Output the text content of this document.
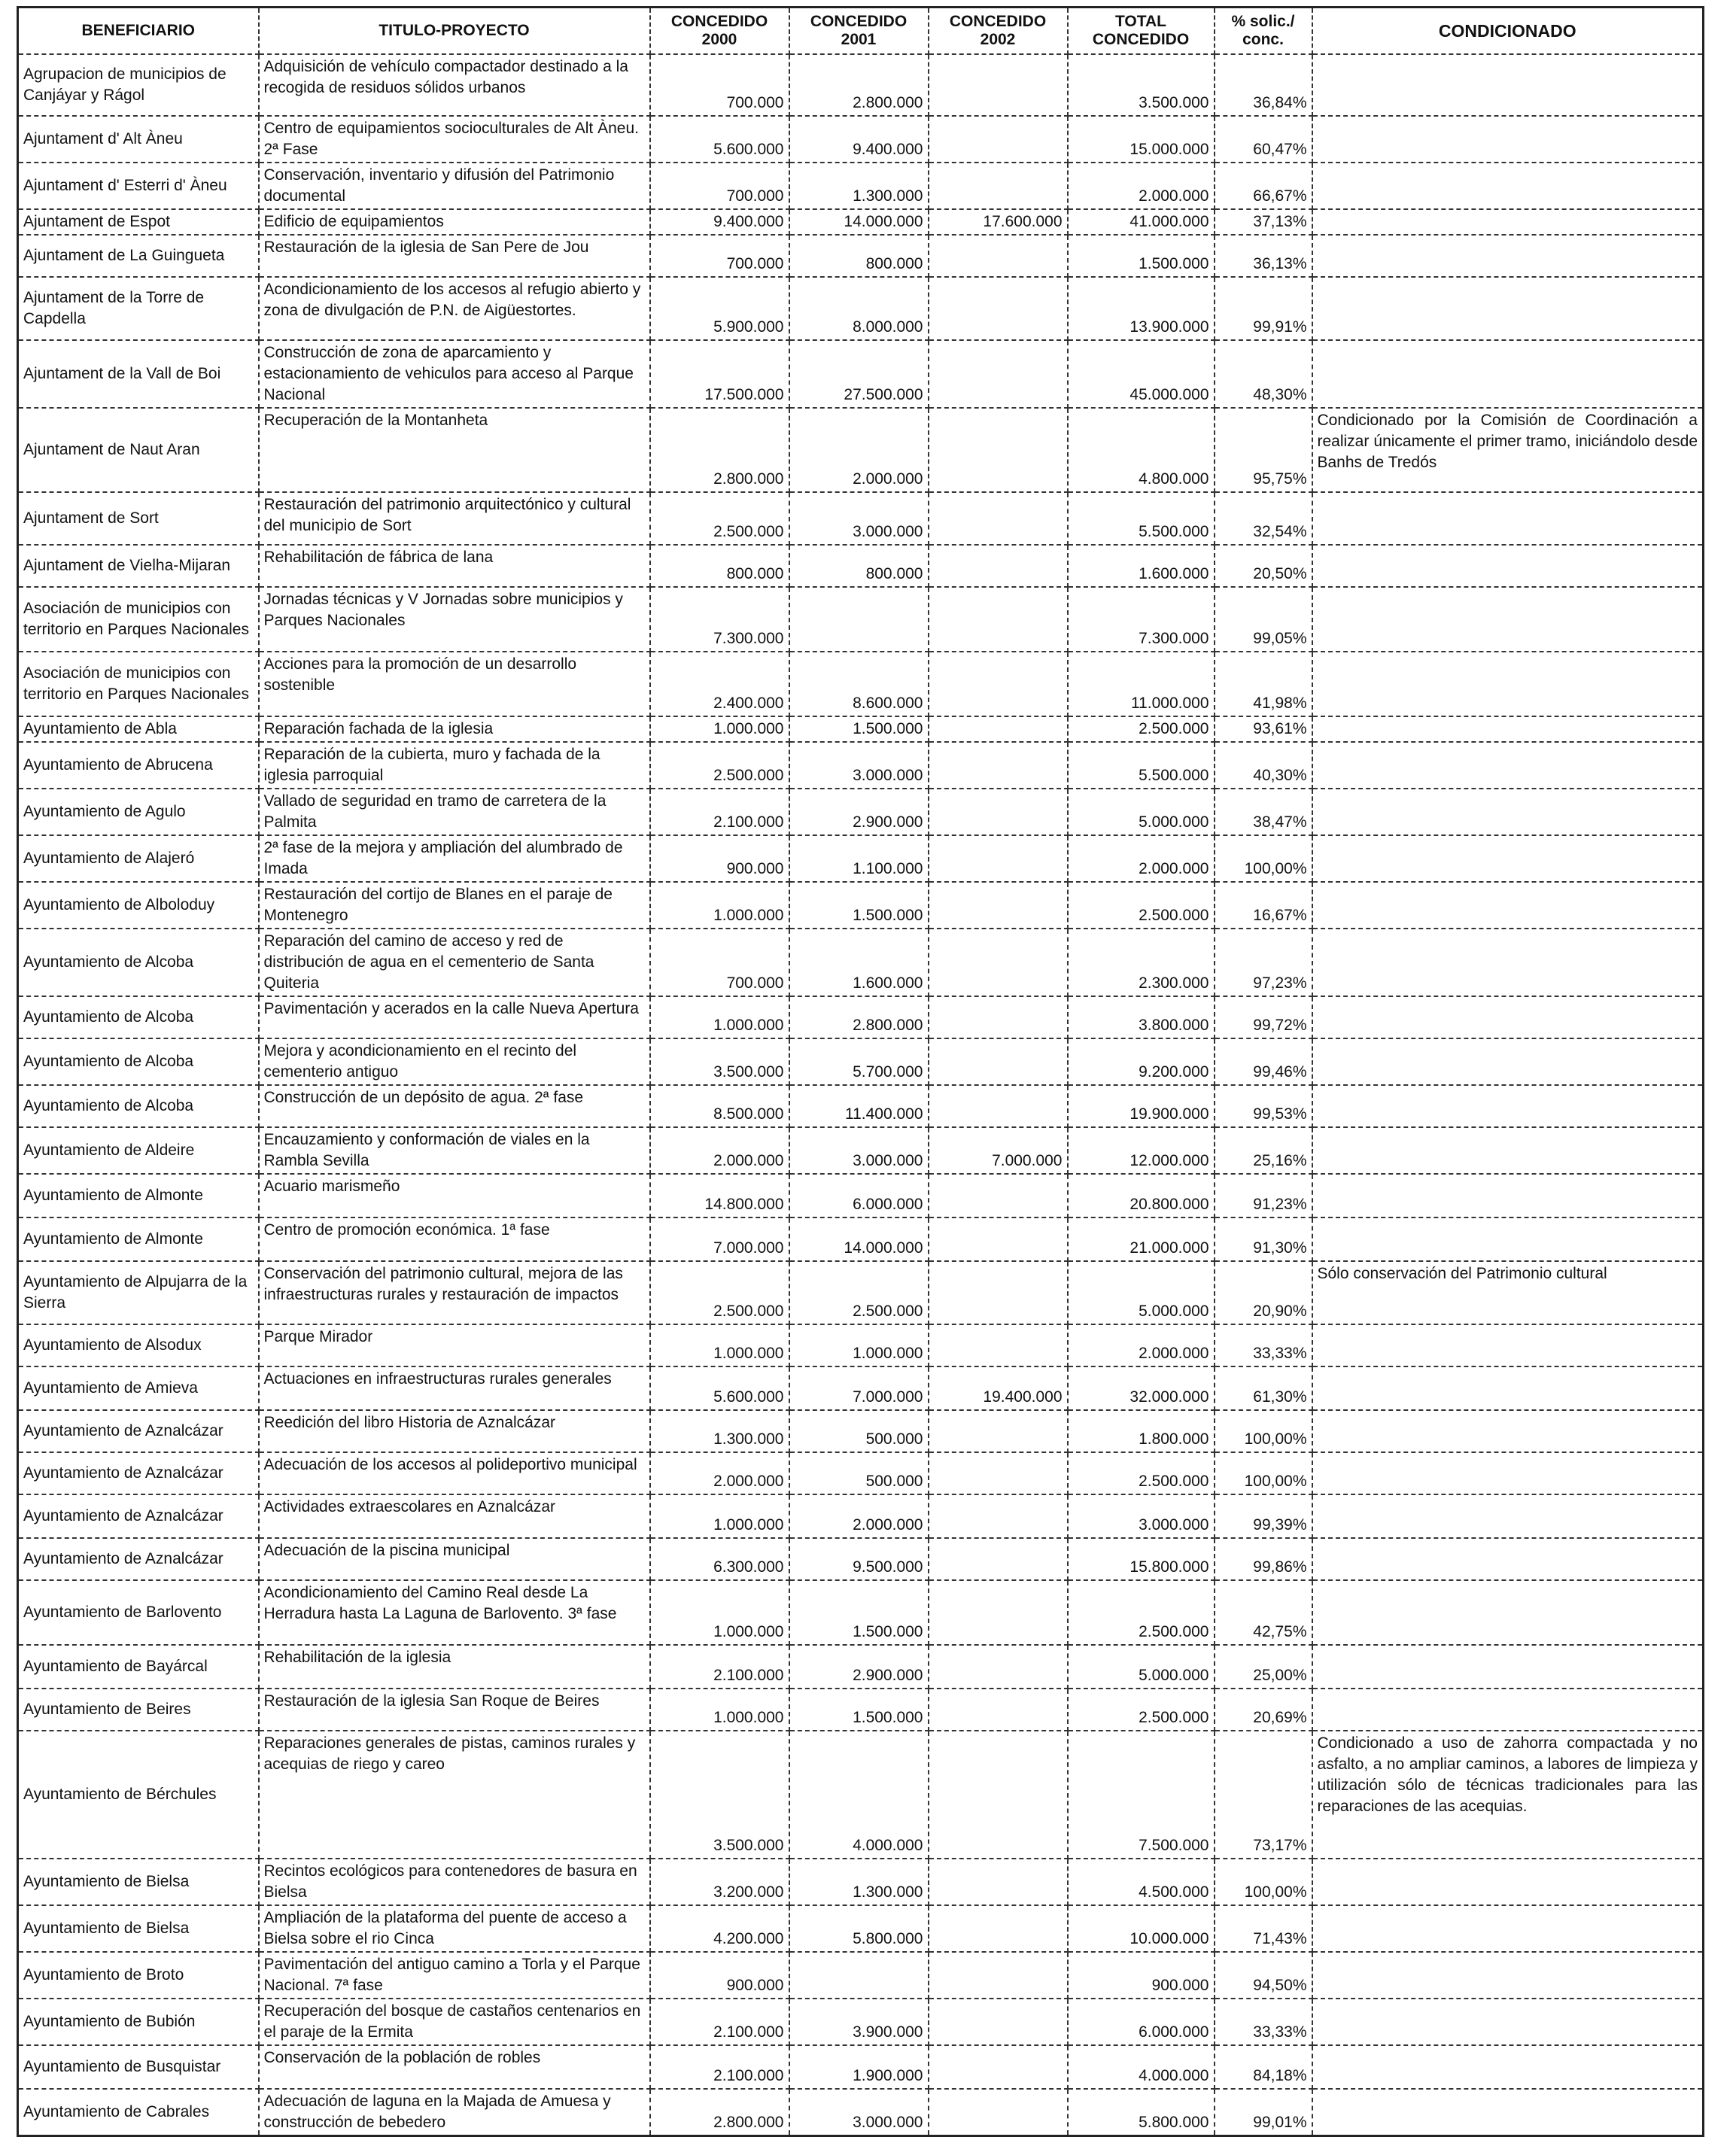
BENEFICIARIO	TITULO-PROYECTO	CONCEDIDO 2000	CONCEDIDO 2001	CONCEDIDO 2002	TOTAL CONCEDIDO	% solic./ conc.	CONDICIONADO
Agrupacion de municipios de Canjáyar y Rágol	Adquisición de vehículo compactador destinado a la recogida de residuos sólidos urbanos	700.000	2.800.000		3.500.000	36,84%	
Ajuntament d' Alt Àneu	Centro de equipamientos socioculturales de Alt Àneu. 2ª Fase	5.600.000	9.400.000		15.000.000	60,47%	
Ajuntament d' Esterri d' Àneu	Conservación, inventario y difusión del Patrimonio documental	700.000	1.300.000		2.000.000	66,67%	
Ajuntament de Espot	Edificio de equipamientos	9.400.000	14.000.000	17.600.000	41.000.000	37,13%	
Ajuntament de La Guingueta	Restauración de la iglesia de San Pere de Jou	700.000	800.000		1.500.000	36,13%	
Ajuntament de la Torre de Capdella	Acondicionamiento de los accesos al refugio abierto y zona de divulgación de P.N. de Aigüestortes.	5.900.000	8.000.000		13.900.000	99,91%	
Ajuntament de la Vall de Boi	Construcción de zona de aparcamiento y estacionamiento de vehiculos para acceso al Parque Nacional	17.500.000	27.500.000		45.000.000	48,30%	
Ajuntament de Naut Aran	Recuperación de la Montanheta	2.800.000	2.000.000		4.800.000	95,75%	Condicionado por la Comisión de Coordinación a realizar únicamente el primer tramo, iniciándolo desde Banhs de Tredós
Ajuntament de Sort	Restauración del patrimonio arquitectónico y cultural del municipio de Sort	2.500.000	3.000.000		5.500.000	32,54%	
Ajuntament de Vielha-Mijaran	Rehabilitación de fábrica de lana	800.000	800.000		1.600.000	20,50%	
Asociación de municipios con territorio en Parques Nacionales	Jornadas técnicas y V Jornadas sobre municipios y Parques Nacionales	7.300.000			7.300.000	99,05%	
Asociación de municipios con territorio en Parques Nacionales	Acciones para la promoción de un desarrollo sostenible	2.400.000	8.600.000		11.000.000	41,98%	
Ayuntamiento de Abla	Reparación fachada de la iglesia	1.000.000	1.500.000		2.500.000	93,61%	
Ayuntamiento de Abrucena	Reparación de la cubierta, muro y fachada de la iglesia parroquial	2.500.000	3.000.000		5.500.000	40,30%	
Ayuntamiento de Agulo	Vallado de seguridad en tramo de carretera de la Palmita	2.100.000	2.900.000		5.000.000	38,47%	
Ayuntamiento de Alajeró	2ª fase de la mejora y ampliación del alumbrado de Imada	900.000	1.100.000		2.000.000	100,00%	
Ayuntamiento de Alboloduy	Restauración del cortijo de Blanes en el paraje de Montenegro	1.000.000	1.500.000		2.500.000	16,67%	
Ayuntamiento de Alcoba	Reparación del camino de acceso y red de distribución de agua en el cementerio de Santa Quiteria	700.000	1.600.000		2.300.000	97,23%	
Ayuntamiento de Alcoba	Pavimentación y acerados en la calle Nueva Apertura	1.000.000	2.800.000		3.800.000	99,72%	
Ayuntamiento de Alcoba	Mejora y acondicionamiento en el recinto del cementerio antiguo	3.500.000	5.700.000		9.200.000	99,46%	
Ayuntamiento de Alcoba	Construcción de un depósito de agua. 2ª fase	8.500.000	11.400.000		19.900.000	99,53%	
Ayuntamiento de Aldeire	Encauzamiento y conformación de viales en la Rambla Sevilla	2.000.000	3.000.000	7.000.000	12.000.000	25,16%	
Ayuntamiento de Almonte	Acuario marismeño	14.800.000	6.000.000		20.800.000	91,23%	
Ayuntamiento de Almonte	Centro de promoción económica. 1ª fase	7.000.000	14.000.000		21.000.000	91,30%	
Ayuntamiento de Alpujarra de la Sierra	Conservación del patrimonio cultural, mejora de las infraestructuras rurales y restauración de impactos	2.500.000	2.500.000		5.000.000	20,90%	Sólo conservación del Patrimonio cultural
Ayuntamiento de Alsodux	Parque Mirador	1.000.000	1.000.000		2.000.000	33,33%	
Ayuntamiento de Amieva	Actuaciones en infraestructuras rurales generales	5.600.000	7.000.000	19.400.000	32.000.000	61,30%	
Ayuntamiento de Aznalcázar	Reedición del libro Historia de Aznalcázar	1.300.000	500.000		1.800.000	100,00%	
Ayuntamiento de Aznalcázar	Adecuación de los accesos al polideportivo municipal	2.000.000	500.000		2.500.000	100,00%	
Ayuntamiento de Aznalcázar	Actividades extraescolares en Aznalcázar	1.000.000	2.000.000		3.000.000	99,39%	
Ayuntamiento de Aznalcázar	Adecuación de la piscina municipal	6.300.000	9.500.000		15.800.000	99,86%	
Ayuntamiento de Barlovento	Acondicionamiento del Camino Real desde La Herradura hasta La Laguna de Barlovento. 3ª fase	1.000.000	1.500.000		2.500.000	42,75%	
Ayuntamiento de Bayárcal	Rehabilitación de la iglesia	2.100.000	2.900.000		5.000.000	25,00%	
Ayuntamiento de Beires	Restauración de la iglesia San Roque de Beires	1.000.000	1.500.000		2.500.000	20,69%	
Ayuntamiento de Bérchules	Reparaciones generales de pistas, caminos rurales y acequias de riego y careo	3.500.000	4.000.000		7.500.000	73,17%	Condicionado a uso de zahorra compactada y no asfalto, a no ampliar caminos, a labores de limpieza y utilización sólo de técnicas tradicionales para las reparaciones de las acequias.
Ayuntamiento de Bielsa	Recintos ecológicos para contenedores de basura en Bielsa	3.200.000	1.300.000		4.500.000	100,00%	
Ayuntamiento de Bielsa	Ampliación de la plataforma del puente de acceso a Bielsa sobre el rio Cinca	4.200.000	5.800.000		10.000.000	71,43%	
Ayuntamiento de Broto	Pavimentación del antiguo camino a Torla y el Parque Nacional. 7ª fase	900.000			900.000	94,50%	
Ayuntamiento de Bubión	Recuperación del bosque de castaños centenarios en el paraje de la Ermita	2.100.000	3.900.000		6.000.000	33,33%	
Ayuntamiento de Busquistar	Conservación de la población de robles	2.100.000	1.900.000		4.000.000	84,18%	
Ayuntamiento de Cabrales	Adecuación de laguna en la Majada de Amuesa y construcción de bebedero	2.800.000	3.000.000		5.800.000	99,01%	
